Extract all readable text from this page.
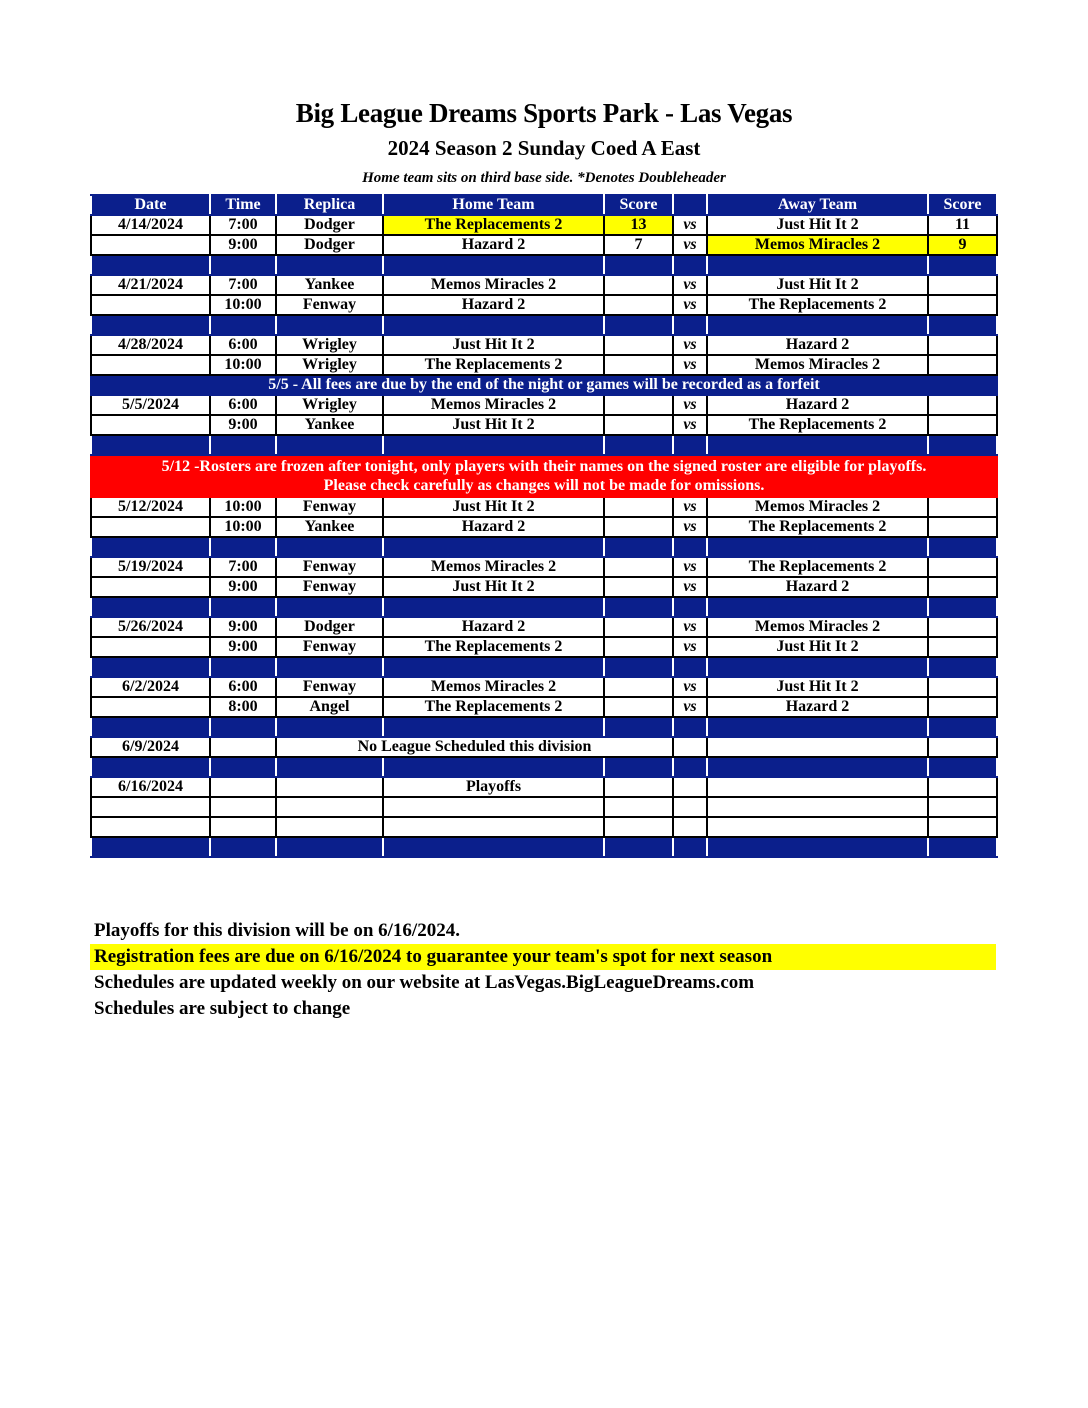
Big League Dreams Sports Park - Las Vegas
2024 Season 2 Sunday Coed A East
Home team sits on third base side. *Denotes Doubleheader
Date	Time	Replica	Home Team	Score		Away Team	Score
4/14/2024	7:00	Dodger	The Replacements 2	13	vs	Just Hit It 2	11
	9:00	Dodger	Hazard 2	7	vs	Memos Miracles 2	9

4/21/2024	7:00	Yankee	Memos Miracles 2		vs	Just Hit It 2	
	10:00	Fenway	Hazard 2		vs	The Replacements 2	

4/28/2024	6:00	Wrigley	Just Hit It 2		vs	Hazard 2	
	10:00	Wrigley	The Replacements 2		vs	Memos Miracles 2	
5/5 - All fees are due by the end of the night or games will be recorded as a forfeit							
5/5/2024	6:00	Wrigley	Memos Miracles 2		vs	Hazard 2	
	9:00	Yankee	Just Hit It 2		vs	The Replacements 2	

5/12 -Rosters are frozen after tonight, only players with their names on the signed roster are eligible for playoffs.
Please check carefully as changes will not be made for omissions.							
5/12/2024	10:00	Fenway	Just Hit It 2		vs	Memos Miracles 2	
	10:00	Yankee	Hazard 2		vs	The Replacements 2	

5/19/2024	7:00	Fenway	Memos Miracles 2		vs	The Replacements 2	
	9:00	Fenway	Just Hit It 2		vs	Hazard 2	

5/26/2024	9:00	Dodger	Hazard 2		vs	Memos Miracles 2	
	9:00	Fenway	The Replacements 2		vs	Just Hit It 2	

6/2/2024	6:00	Fenway	Memos Miracles 2		vs	Just Hit It 2	
	8:00	Angel	The Replacements 2		vs	Hazard 2	

6/9/2024		No League Scheduled this division					

6/16/2024			Playoffs				

Playoffs for this division will be on 6/16/2024.
Registration fees are due on 6/16/2024 to guarantee your team's spot for next season
Schedules are updated weekly on our website at LasVegas.BigLeagueDreams.com
Schedules are subject to change
